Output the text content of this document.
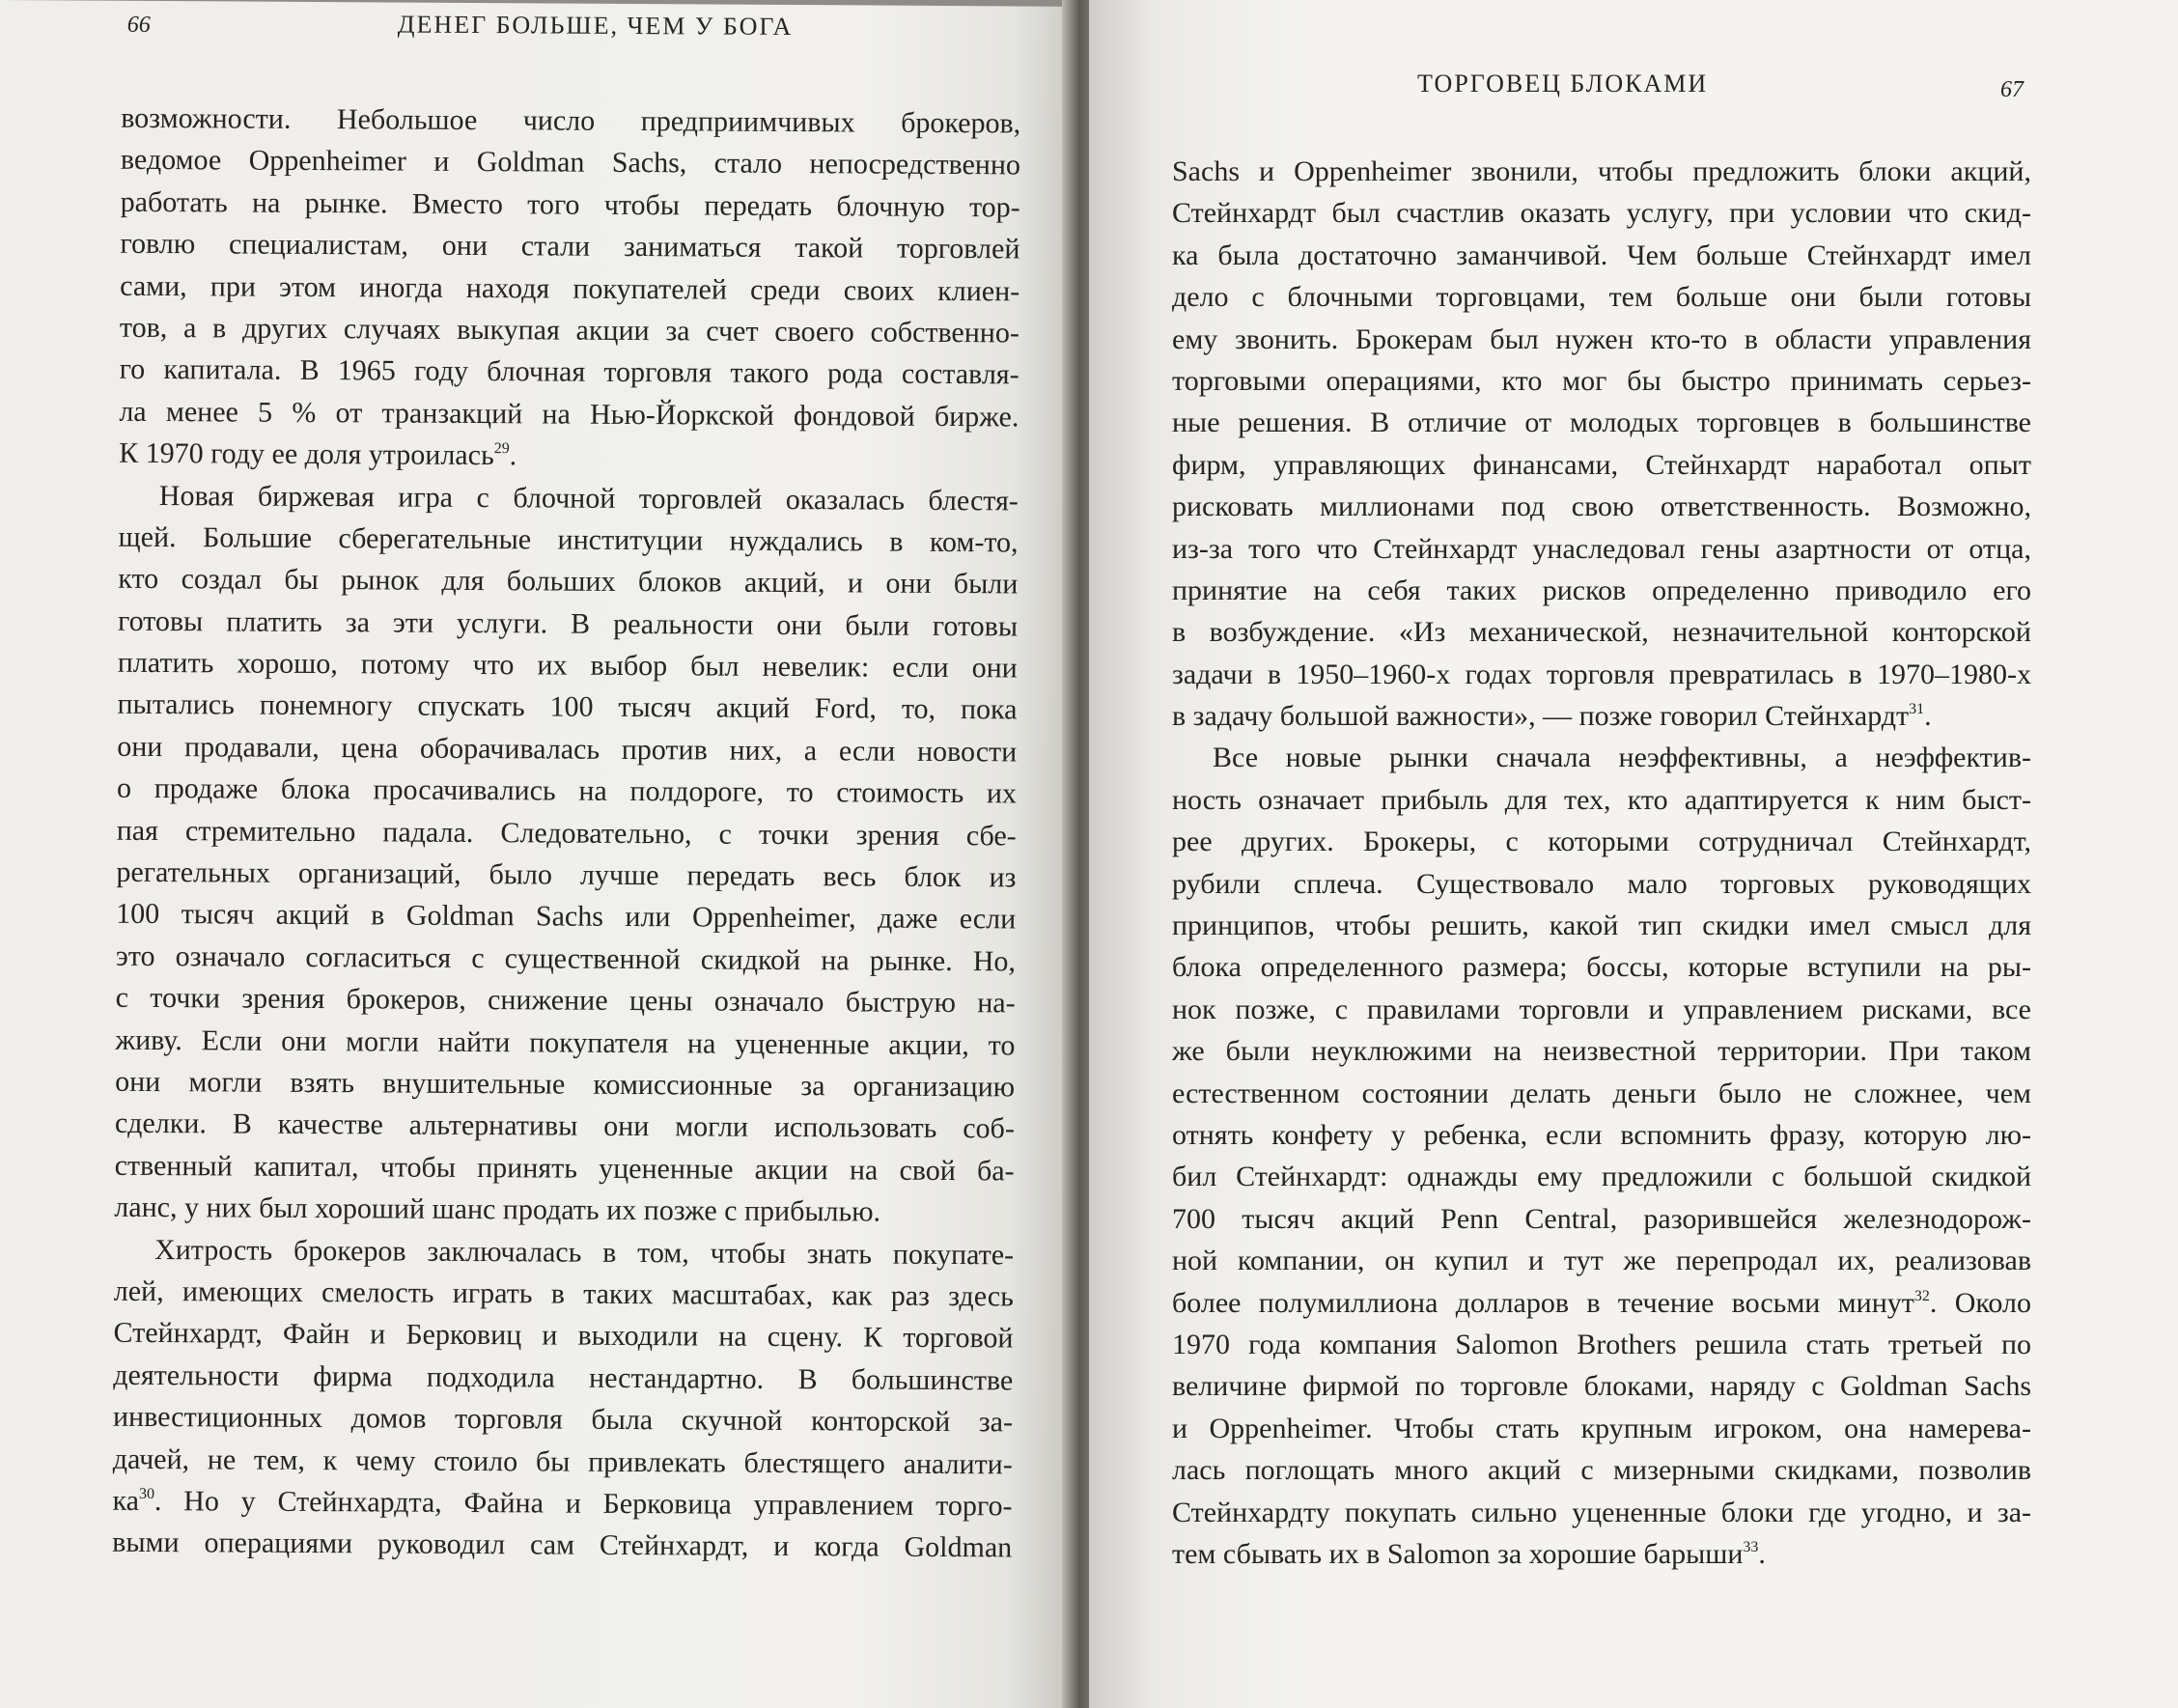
66	ДЕНЕГ БОЛЬШЕ, ЧЕМ У БОГА
возможности. Небольшое число предприимчивых брокеров,
ведомое Oppenheimer и Goldman Sachs, стало непосредственно
работать на рынке. Вместо того чтобы передать блочную тор-
говлю специалистам, они стали заниматься такой торговлей
сами, при этом иногда находя покупателей среди своих клиен-
тов, а в других случаях выкупая акции за счет своего собственно-
го капитала. В 1965 году блочная торговля такого рода составля-
ла менее 5 % от транзакций на Нью-Йоркской фондовой бирже.
К 1970 году ее доля утроилась$^{29}$.
Новая биржевая игра с блочной торговлей оказалась блестя-
щей. Большие сберегательные институции нуждались в ком-то,
кто создал бы рынок для больших блоков акций, и они были
готовы платить за эти услуги. В реальности они были готовы
платить хорошо, потому что их выбор был невелик: если они
пытались понемногу спускать 100 тысяч акций Ford, то, пока
они продавали, цена оборачивалась против них, а если новости
о продаже блока просачивались на полдороге, то стоимость их
пая стремительно падала. Следовательно, с точки зрения сбе-
регательных организаций, было лучше передать весь блок из
100 тысяч акций в Goldman Sachs или Oppenheimer, даже если
это означало согласиться с существенной скидкой на рынке. Но,
с точки зрения брокеров, снижение цены означало быструю на-
живу. Если они могли найти покупателя на уцененные акции, то
они могли взять внушительные комиссионные за организацию
сделки. В качестве альтернативы они могли использовать соб-
ственный капитал, чтобы принять уцененные акции на свой ба-
ланс, у них был хороший шанс продать их позже с прибылью.
Хитрость брокеров заключалась в том, чтобы знать покупате-
лей, имеющих смелость играть в таких масштабах, как раз здесь
Стейнхардт, Файн и Берковиц и выходили на сцену. К торговой
деятельности фирма подходила нестандартно. В большинстве
инвестиционных домов торговля была скучной конторской за-
дачей, не тем, к чему стоило бы привлекать блестящего аналити-
$ка^{30}$. Но у Стейнхардта, Файна и Берковица управлением торго-
выми операциями руководил сам Стейнхардт, и когда Goldman
ТОРГОВЕЦ БЛОКАМИ	67
Sachs и Oppenheimer звонили, чтобы предложить блоки акций,
Стейнхардт был счастлив оказать услугу, при условии что скид-
ка была достаточно заманчивой. Чем больше Стейнхардт имел
дело с блочными торговцами, тем больше они были готовы
ему звонить. Брокерам был нужен кто-то в области управления
торговыми операциями, кто мог бы быстро принимать серьез-
ные решения. В отличие от молодых торговцев в большинстве
фирм, управляющих финансами, Стейнхардт наработал опыт
рисковать миллионами под свою ответственность. Возможно,
из-за того что Стейнхардт унаследовал гены азартности от отца,
принятие на себя таких рисков определенно приводило его
в возбуждение. «Из механической, незначительной конторской
задачи в 1950–1960-х годах торговля превратилась в 1970–1980-х
в задачу большой важности», — позже говорил Стейнхардт$^{31}$.
Все новые рынки сначала неэффективны, а неэффектив-
ность означает прибыль для тех, кто адаптируется к ним быст-
рее других. Брокеры, с которыми сотрудничал Стейнхардт,
рубили сплеча. Существовало мало торговых руководящих
принципов, чтобы решить, какой тип скидки имел смысл для
блока определенного размера; боссы, которые вступили на ры-
нок позже, с правилами торговли и управлением рисками, все
же были неуклюжими на неизвестной территории. При таком
естественном состоянии делать деньги было не сложнее, чем
отнять конфету у ребенка, если вспомнить фразу, которую лю-
бил Стейнхардт: однажды ему предложили с большой скидкой
700 тысяч акций Penn Central, разорившейся железнодорож-
ной компании, он купил и тут же перепродал их, реализовав
более полумиллиона долларов в течение восьми минут$^{32}$. Около
1970 года компания Salomon Brothers решила стать третьей по
величине фирмой по торговле блоками, наряду с Goldman Sachs
и Oppenheimer. Чтобы стать крупным игроком, она намерева-
лась поглощать много акций с мизерными скидками, позволив
Стейнхардту покупать сильно уцененные блоки где угодно, и за-
тем сбывать их в Salomon за хорошие барыши$^{33}$.
